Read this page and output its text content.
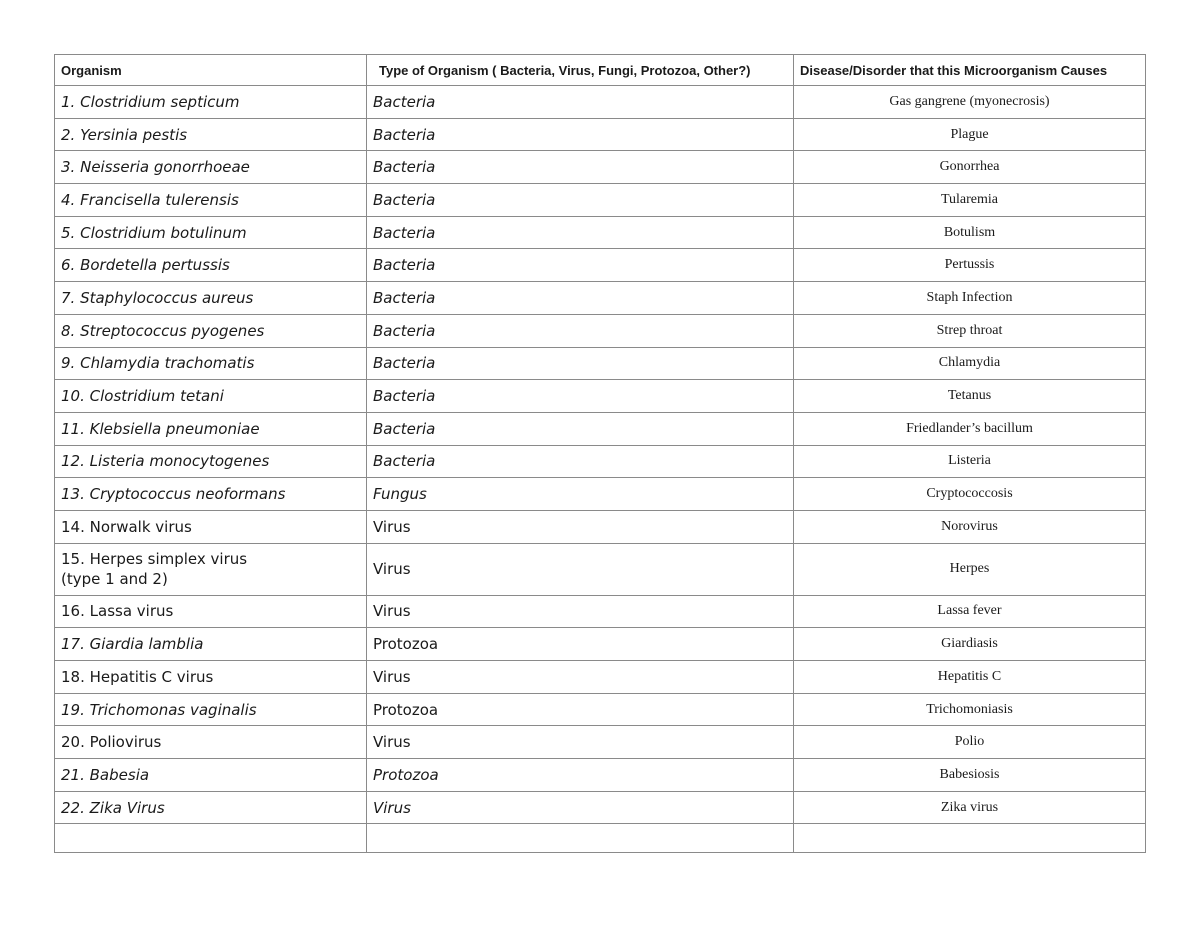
Organism	Type of Organism ( Bacteria, Virus, Fungi, Protozoa, Other?)	Disease/Disorder that this Microorganism Causes
1. Clostridium septicum	Bacteria	Gas gangrene (myonecrosis)
2. Yersinia pestis	Bacteria	Plague
3. Neisseria gonorrhoeae	Bacteria	Gonorrhea
4. Francisella tulerensis	Bacteria	Tularemia
5. Clostridium botulinum	Bacteria	Botulism
6. Bordetella pertussis	Bacteria	Pertussis
7. Staphylococcus aureus	Bacteria	Staph Infection
8. Streptococcus pyogenes	Bacteria	Strep throat
9. Chlamydia trachomatis	Bacteria	Chlamydia
10. Clostridium tetani	Bacteria	Tetanus
11. Klebsiella pneumoniae	Bacteria	Friedlander’s bacillum
12. Listeria monocytogenes	Bacteria	Listeria
13. Cryptococcus neoformans	Fungus	Cryptococcosis
14. Norwalk virus	Virus	Norovirus
15. Herpes simplex virus
(type 1 and 2)	Virus	Herpes
16. Lassa virus	Virus	Lassa fever
17. Giardia lamblia	Protozoa	Giardiasis
18. Hepatitis C virus	Virus	Hepatitis C
19. Trichomonas vaginalis	Protozoa	Trichomoniasis
20. Poliovirus	Virus	Polio
21. Babesia	Protozoa	Babesiosis
22. Zika Virus	Virus	Zika virus
